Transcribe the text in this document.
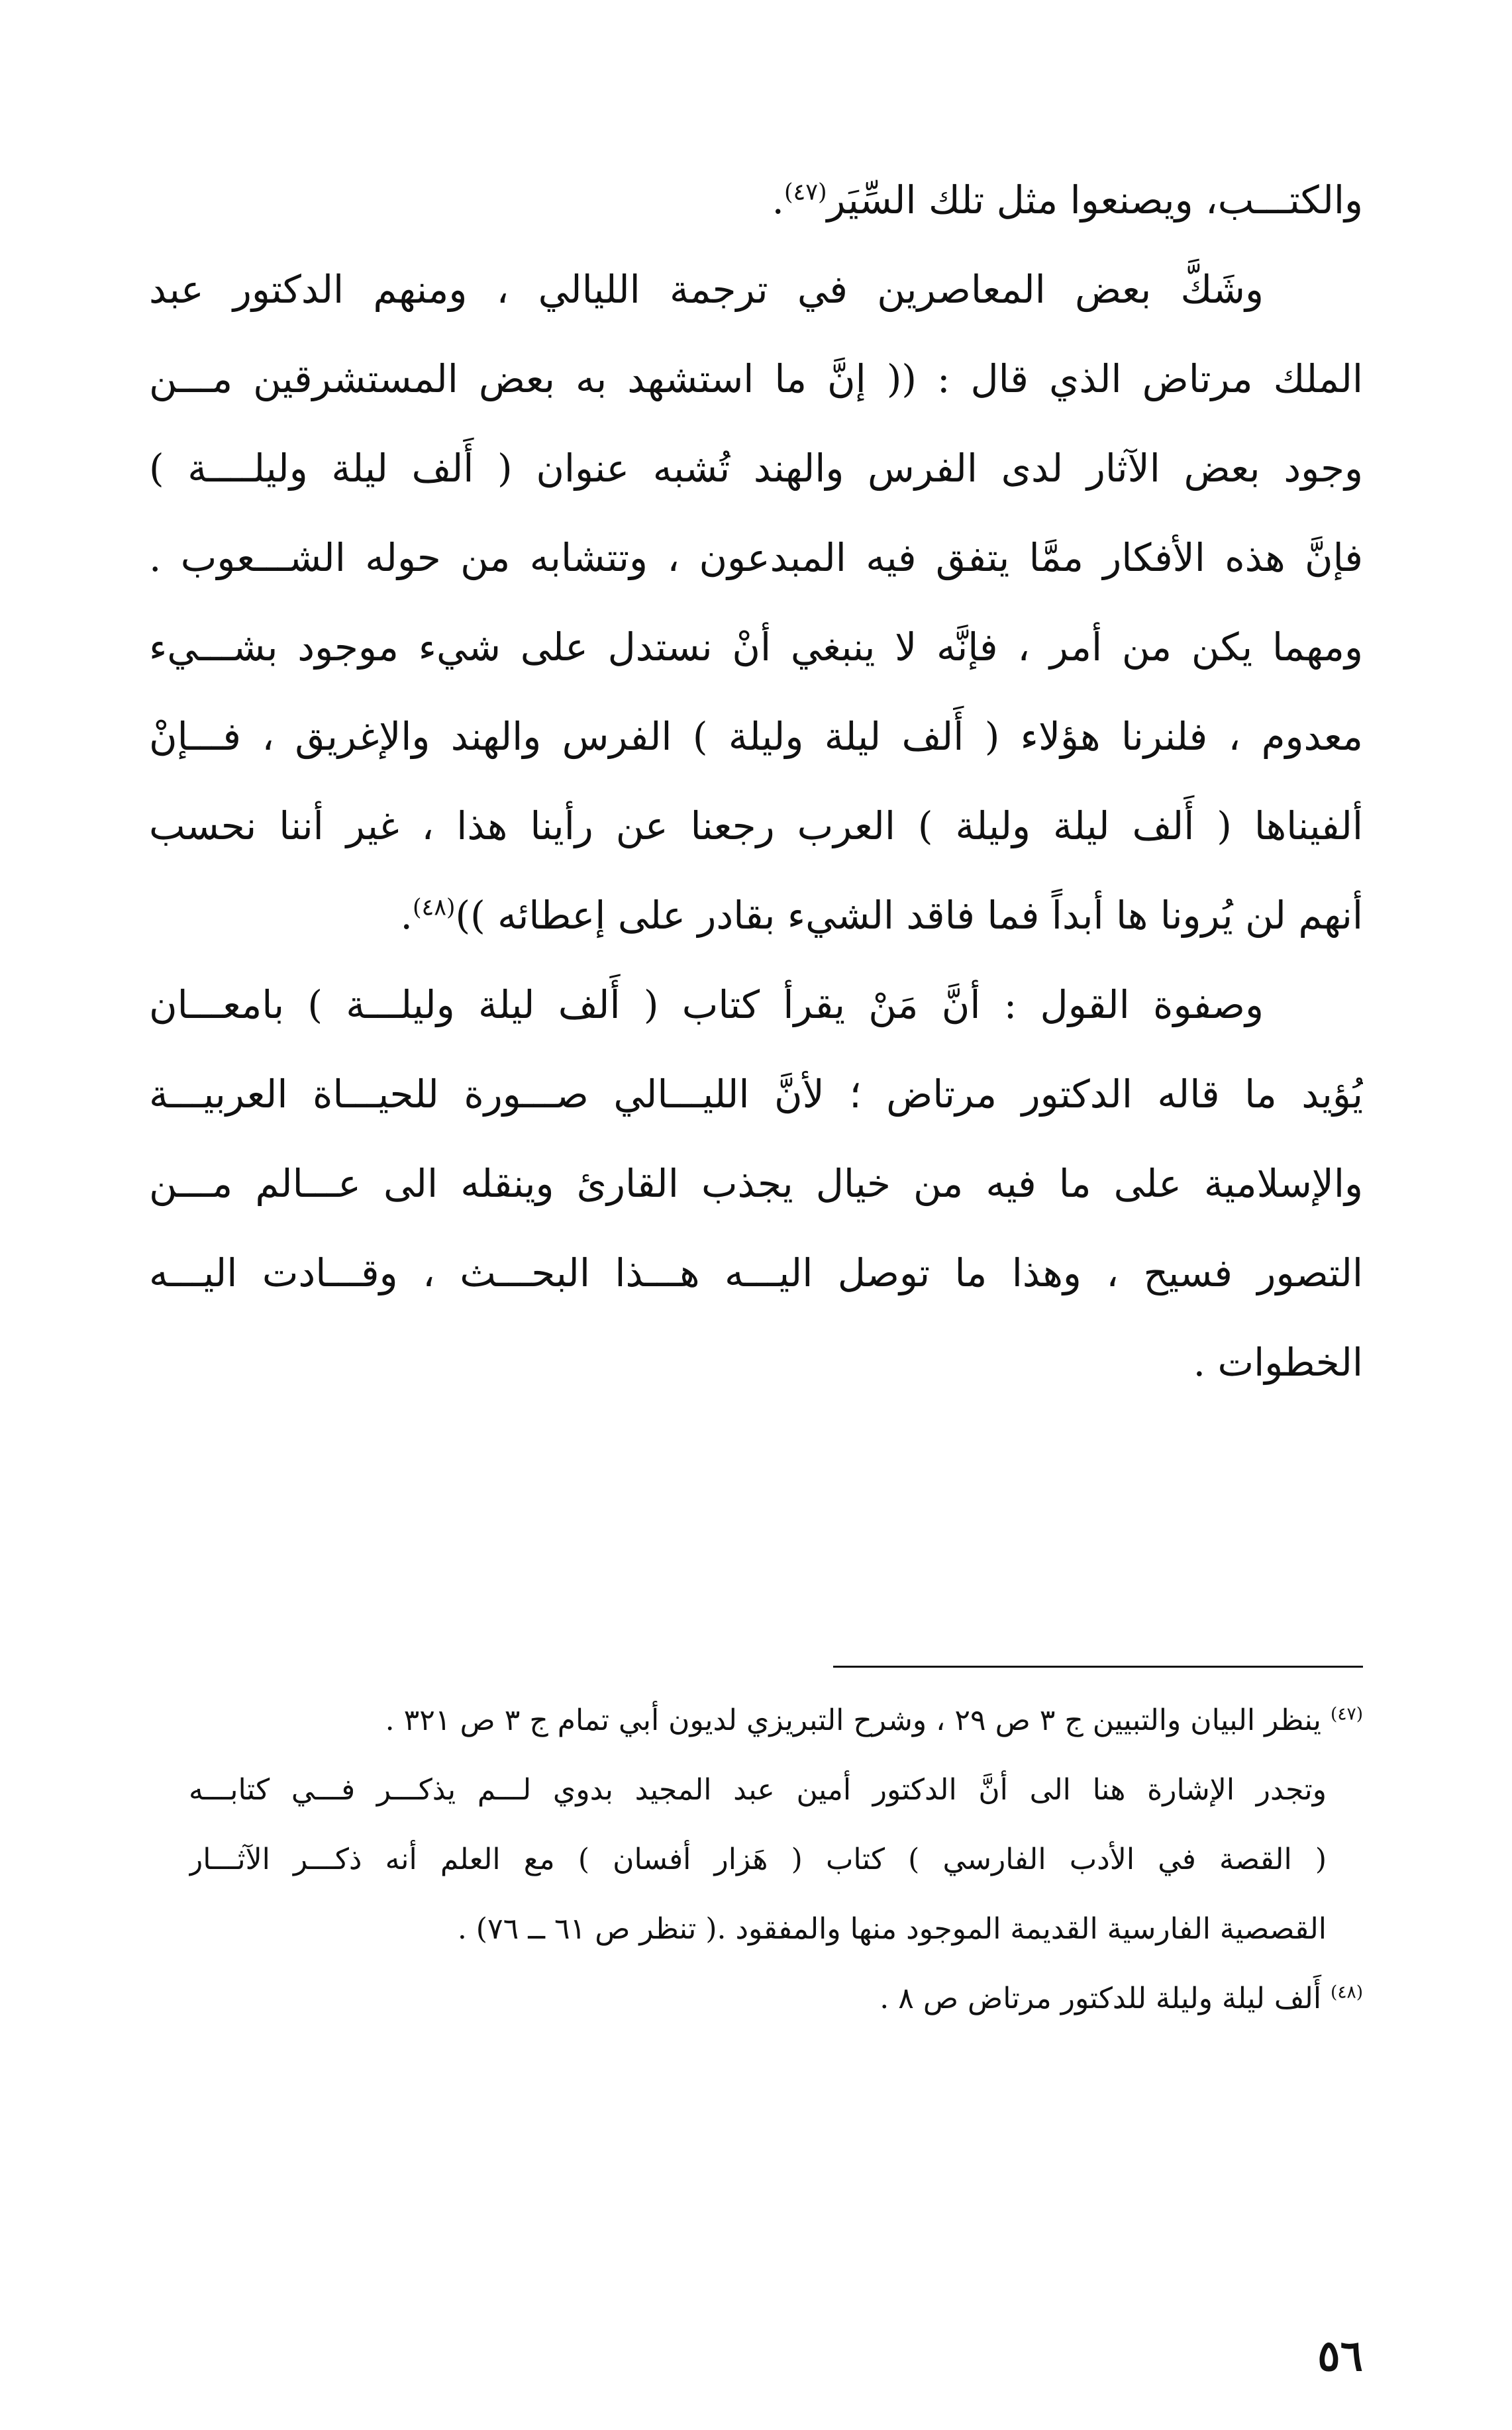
والكتـــب، ويصنعوا مثل تلك السِّيَر$^{(٤٧)}$.
وشَكَّ بعض المعاصرين في ترجمة الليالي ، ومنهم الدكتور عبد
الملك مرتاض الذي قال : (( إنَّ ما استشهد به بعض المستشرقين مـــن
وجود بعض الآثار لدى الفرس والهند تُشبه عنوان ( أَلف ليلة وليلــــة )
فإنَّ هذه الأفكار ممَّا يتفق فيه المبدعون ، وتتشابه من حوله الشـــعوب .
ومهما يكن من أمر ، فإنَّه لا ينبغي أنْ نستدل على شيء موجود بشـــيء
معدوم ، فلنرنا هؤلاء ( أَلف ليلة وليلة ) الفرس والهند والإغريق ، فـــإنْ
ألفيناها ( أَلف ليلة وليلة ) العرب رجعنا عن رأينا هذا ، غير أننا نحسب
أنهم لن يُرونا ها أبداً فما فاقد الشيء بقادر على إعطائه ))$^{(٤٨)}$.
وصفوة القول : أنَّ مَنْ يقرأ كتاب ( أَلف ليلة وليلـــة ) بامعـــان
يُؤيد ما قاله الدكتور مرتاض ؛ لأنَّ الليـــالي صـــورة للحيـــاة العربيـــة
والإسلامية على ما فيه من خيال يجذب القارئ وينقله الى عـــالم مـــن
التصور فسيح ، وهذا ما توصل اليـــه هـــذا البحـــث ، وقـــادت اليـــه
الخطوات .
$^{(٤٧)}$ ينظر البيان والتبيين ج ٣ ص ٢٩ ، وشرح التبريزي لديون أبي تمام ج ٣ ص ٣٢١ .
وتجدر الإشارة هنا الى أنَّ الدكتور أمين عبد المجيد بدوي لـــم يذكـــر فـــي كتابـــه
( القصة في الأدب الفارسي ) كتاب ( هَزار أفسان ) مع العلم أنه ذكـــر الآثـــار
القصصية الفارسية القديمة الموجود منها والمفقود .( تنظر ص ٦١ ــ ٧٦) .
$^{(٤٨)}$ أَلف ليلة وليلة للدكتور مرتاض ص ٨ .
٥٦
